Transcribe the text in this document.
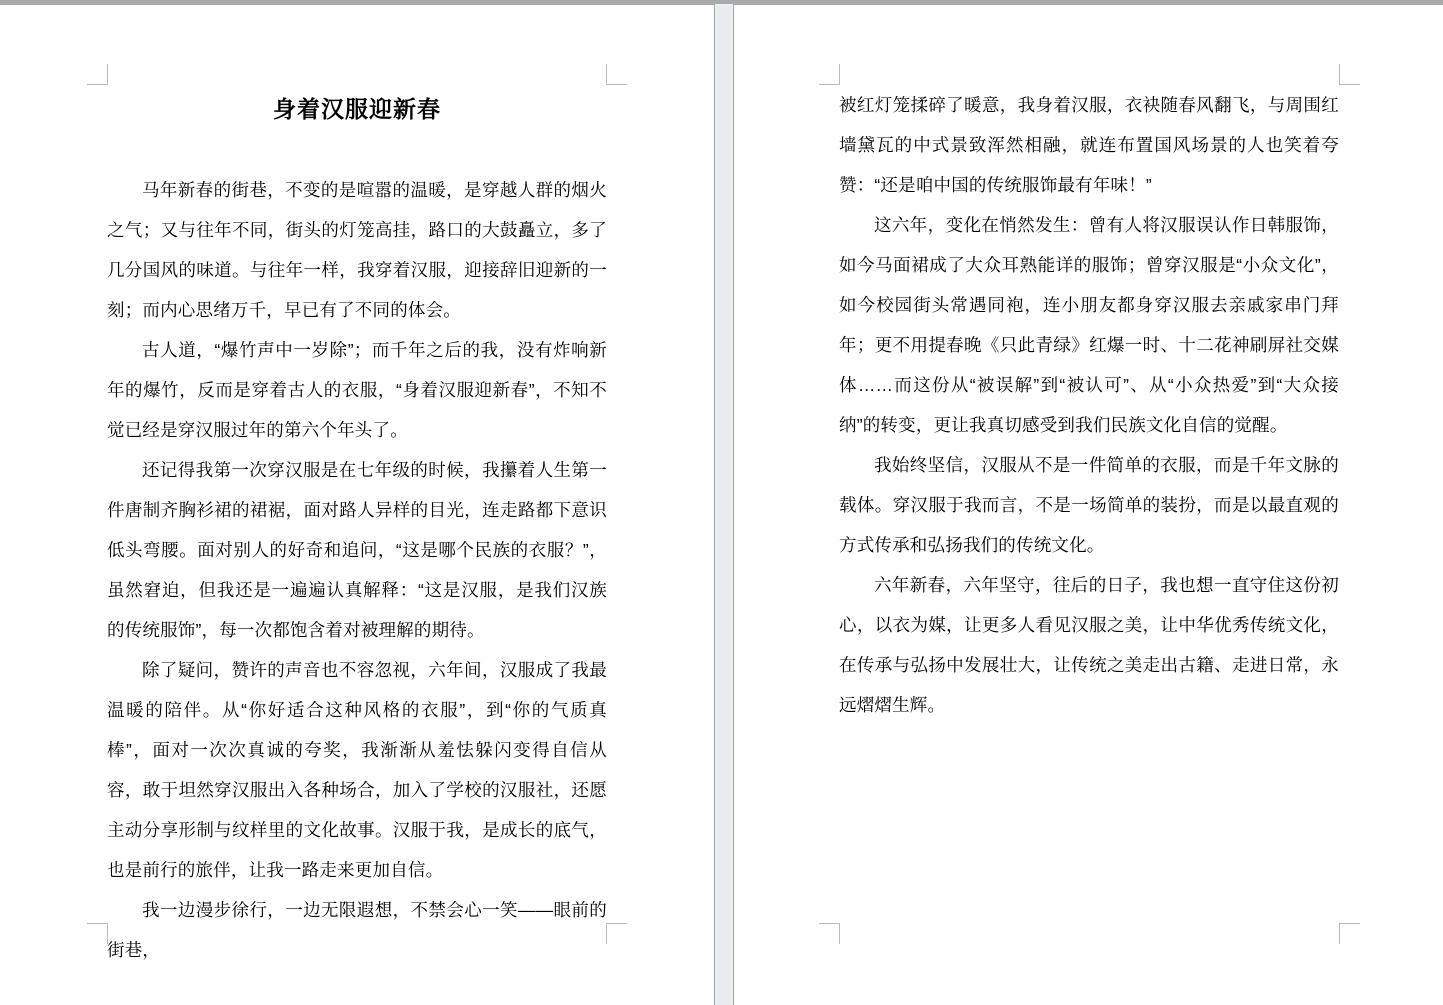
身着汉服迎新春

马年新春的街巷，不变的是喧嚣的温暖，是穿越人群的烟火之气；又与往年不同，街头的灯笼高挂，路口的大鼓矗立，多了几分国风的味道。与往年一样，我穿着汉服，迎接辞旧迎新的一刻；而内心思绪万千，早已有了不同的体会。

古人道，“爆竹声中一岁除”；而千年之后的我，没有炸响新年的爆竹，反而是穿着古人的衣服，“身着汉服迎新春”，不知不觉已经是穿汉服过年的第六个年头了。

还记得我第一次穿汉服是在七年级的时候，我攥着人生第一件唐制齐胸衫裙的裙裾，面对路人异样的目光，连走路都下意识低头弯腰。面对别人的好奇和追问，“这是哪个民族的衣服？”，虽然窘迫，但我还是一遍遍认真解释：“这是汉服，是我们汉族的传统服饰”，每一次都饱含着对被理解的期待。

除了疑问，赞许的声音也不容忽视，六年间，汉服成了我最温暖的陪伴。从“你好适合这种风格的衣服”，到“你的气质真棒”，面对一次次真诚的夸奖，我渐渐从羞怯躲闪变得自信从容，敢于坦然穿汉服出入各种场合，加入了学校的汉服社，还愿主动分享形制与纹样里的文化故事。汉服于我，是成长的底气，也是前行的旅伴，让我一路走来更加自信。

我一边漫步徐行，一边无限遐想，不禁会心一笑——眼前的街巷，

被红灯笼揉碎了暖意，我身着汉服，衣袂随春风翻飞，与周围红墙黛瓦的中式景致浑然相融，就连布置国风场景的人也笑着夸赞：“还是咱中国的传统服饰最有年味！”

这六年，变化在悄然发生：曾有人将汉服误认作日韩服饰，如今马面裙成了大众耳熟能详的服饰；曾穿汉服是“小众文化”，如今校园街头常遇同袍，连小朋友都身穿汉服去亲戚家串门拜年；更不用提春晚《只此青绿》红爆一时、十二花神刷屏社交媒体……而这份从“被误解”到“被认可”、从“小众热爱”到“大众接纳”的转变，更让我真切感受到我们民族文化自信的觉醒。

我始终坚信，汉服从不是一件简单的衣服，而是千年文脉的载体。穿汉服于我而言，不是一场简单的装扮，而是以最直观的方式传承和弘扬我们的传统文化。

六年新春，六年坚守，往后的日子，我也想一直守住这份初心，以衣为媒，让更多人看见汉服之美，让中华优秀传统文化，在传承与弘扬中发展壮大，让传统之美走出古籍、走进日常，永远熠熠生辉。
